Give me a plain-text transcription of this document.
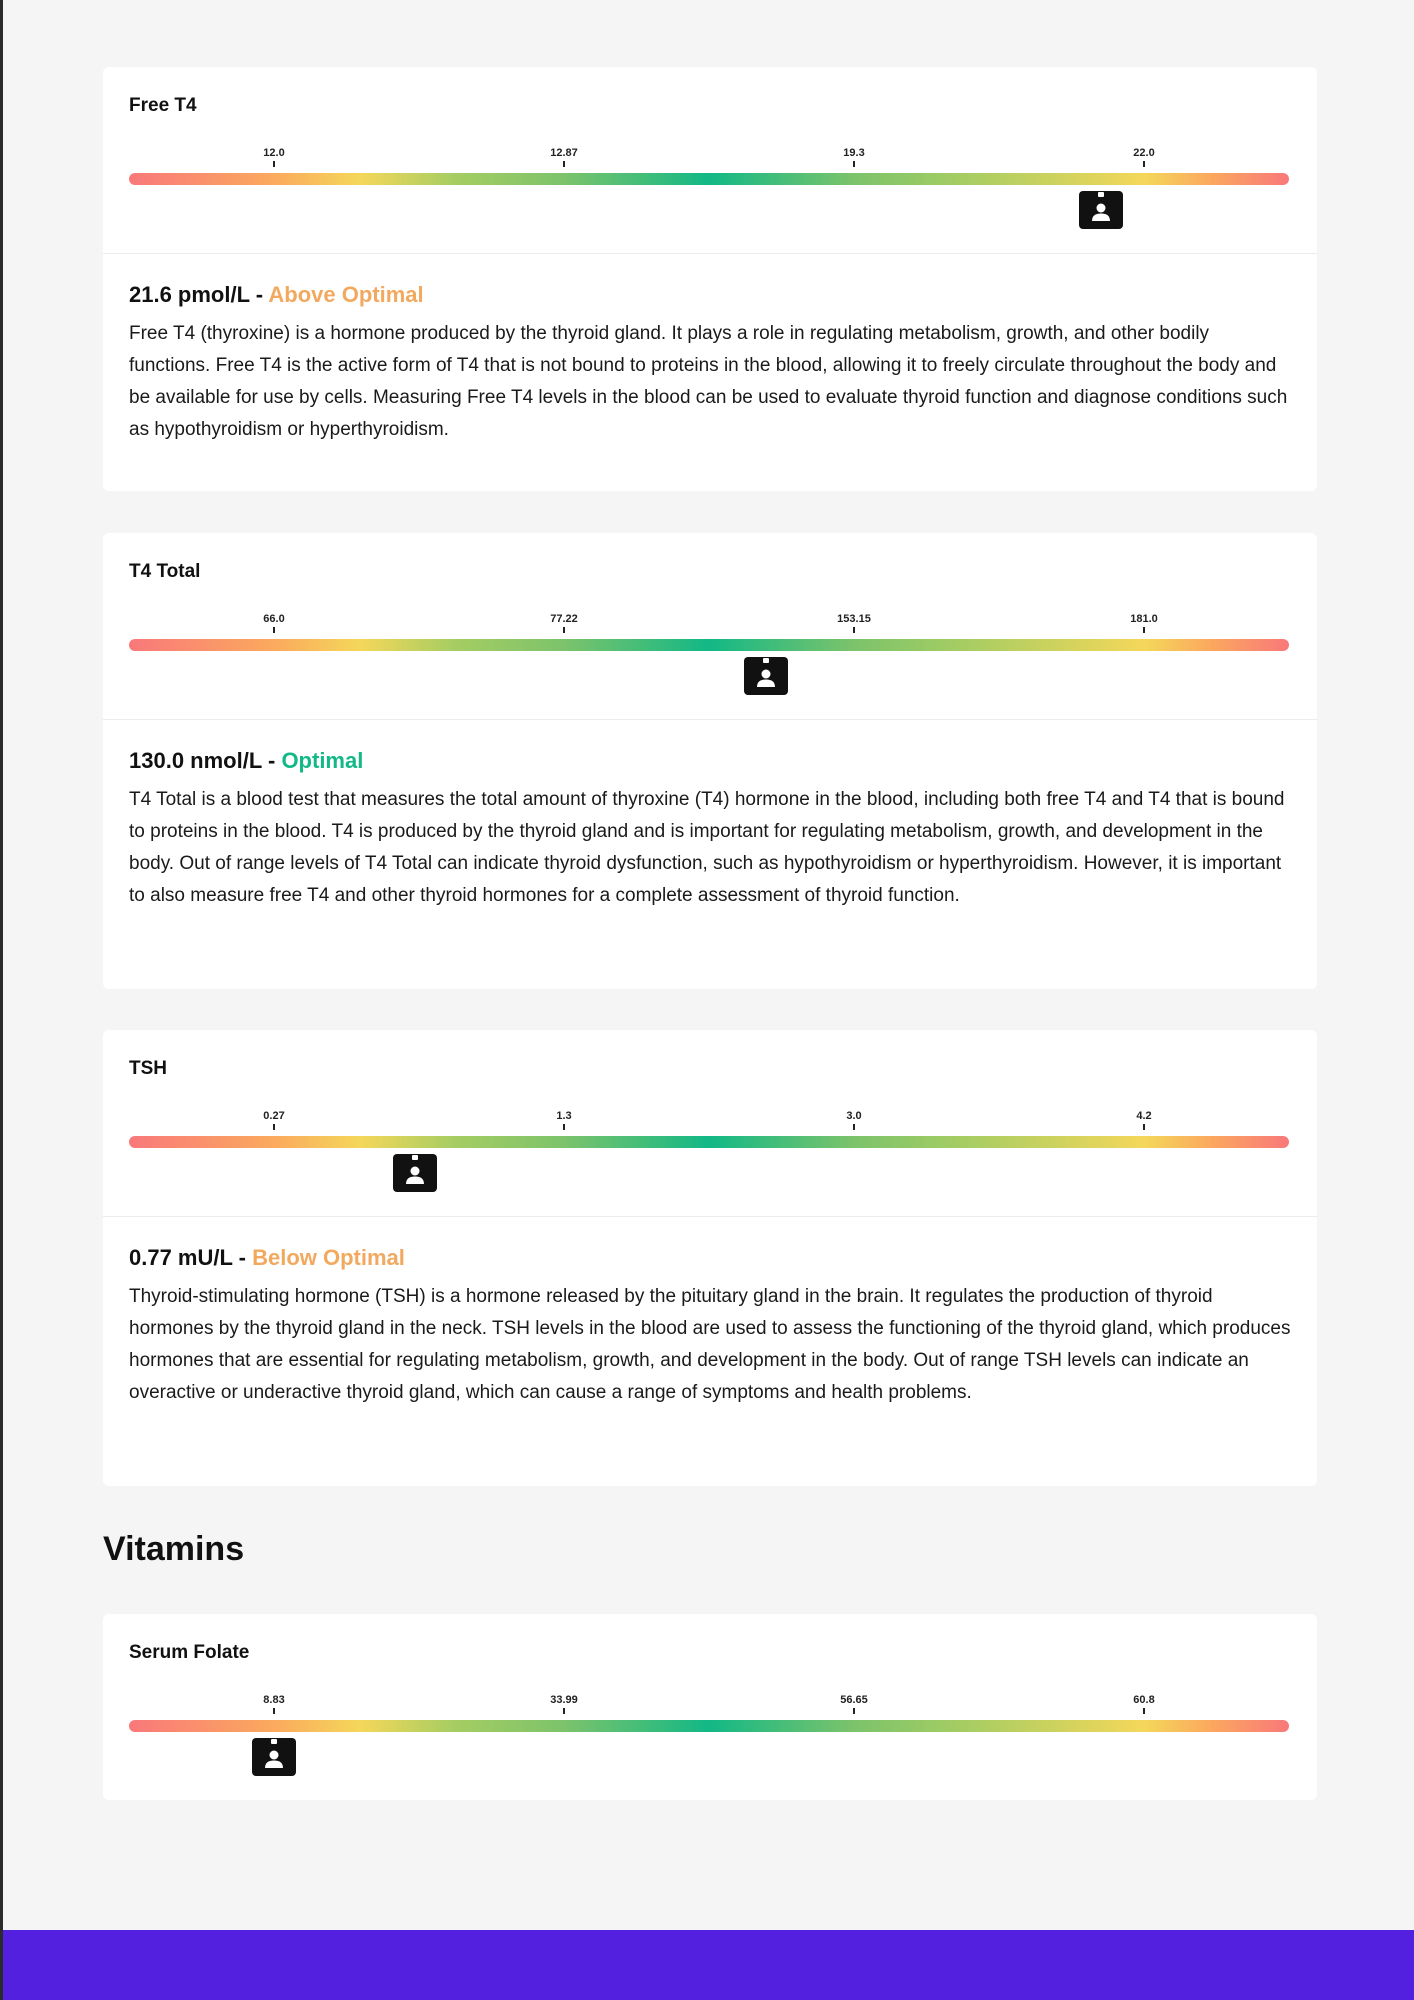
Free T4
12.0	12.87	19.3	22.0

21.6 pmol/L - Above Optimal

Free T4 (thyroxine) is a hormone produced by the thyroid gland. It plays a role in regulating metabolism, growth, and other bodily functions. Free T4 is the active form of T4 that is not bound to proteins in the blood, allowing it to freely circulate throughout the body and be available for use by cells. Measuring Free T4 levels in the blood can be used to evaluate thyroid function and diagnose conditions such as hypothyroidism or hyperthyroidism.

T4 Total
66.0	77.22	153.15	181.0

130.0 nmol/L - Optimal

T4 Total is a blood test that measures the total amount of thyroxine (T4) hormone in the blood, including both free T4 and T4 that is bound to proteins in the blood. T4 is produced by the thyroid gland and is important for regulating metabolism, growth, and development in the body. Out of range levels of T4 Total can indicate thyroid dysfunction, such as hypothyroidism or hyperthyroidism. However, it is important to also measure free T4 and other thyroid hormones for a complete assessment of thyroid function.

TSH
0.27	1.3	3.0	4.2

0.77 mU/L - Below Optimal

Thyroid-stimulating hormone (TSH) is a hormone released by the pituitary gland in the brain. It regulates the production of thyroid hormones by the thyroid gland in the neck. TSH levels in the blood are used to assess the functioning of the thyroid gland, which produces hormones that are essential for regulating metabolism, growth, and development in the body. Out of range TSH levels can indicate an overactive or underactive thyroid gland, which can cause a range of symptoms and health problems.

Vitamins
Serum Folate
8.83	33.99	56.65	60.8
